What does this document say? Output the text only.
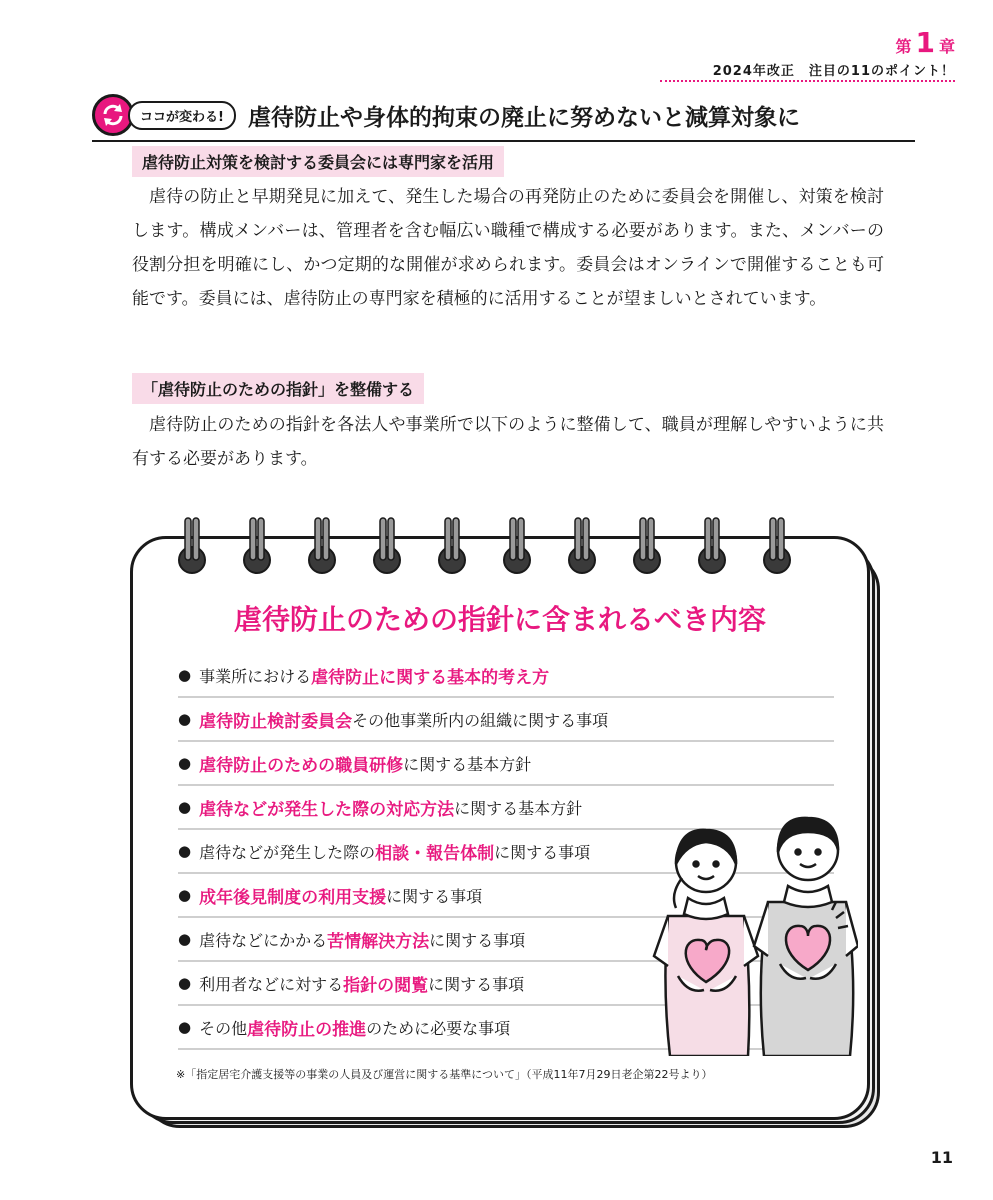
第 1 章
2024年改正　注目の11のポイント！
ココが変わる!	虐待防止や身体的拘束の廃止に努めないと減算対象に
虐待防止対策を検討する委員会には専門家を活用

虐待の防止と早期発見に加えて、発生した場合の再発防止のために委員会を開催し、対策を検討します。構成メンバーは、管理者を含む幅広い職種で構成する必要があります。また、メンバーの役割分担を明確にし、かつ定期的な開催が求められます。委員会はオンラインで開催することも可能です。委員には、虐待防止の専門家を積極的に活用することが望ましいとされています。

「虐待防止のための指針」を整備する

虐待防止のための指針を各法人や事業所で以下のように整備して、職員が理解しやすいように共有する必要があります。

虐待防止のための指針に含まれるべき内容
● 事業所における 虐待防止に関する基本的考え方
● 虐待防止検討委員会 その他事業所内の組織に関する事項
● 虐待防止のための職員研修 に関する基本方針
● 虐待などが発生した際の対応方法 に関する基本方針
● 虐待などが発生した際の 相談・報告体制 に関する事項
● 成年後見制度の利用支援 に関する事項
● 虐待などにかかる 苦情解決方法 に関する事項
● 利用者などに対する 指針の閲覧 に関する事項
● その他 虐待防止の推進 のために必要な事項
※「指定居宅介護支援等の事業の人員及び運営に関する基準について」（平成11年7月29日老企第22号より）
11
